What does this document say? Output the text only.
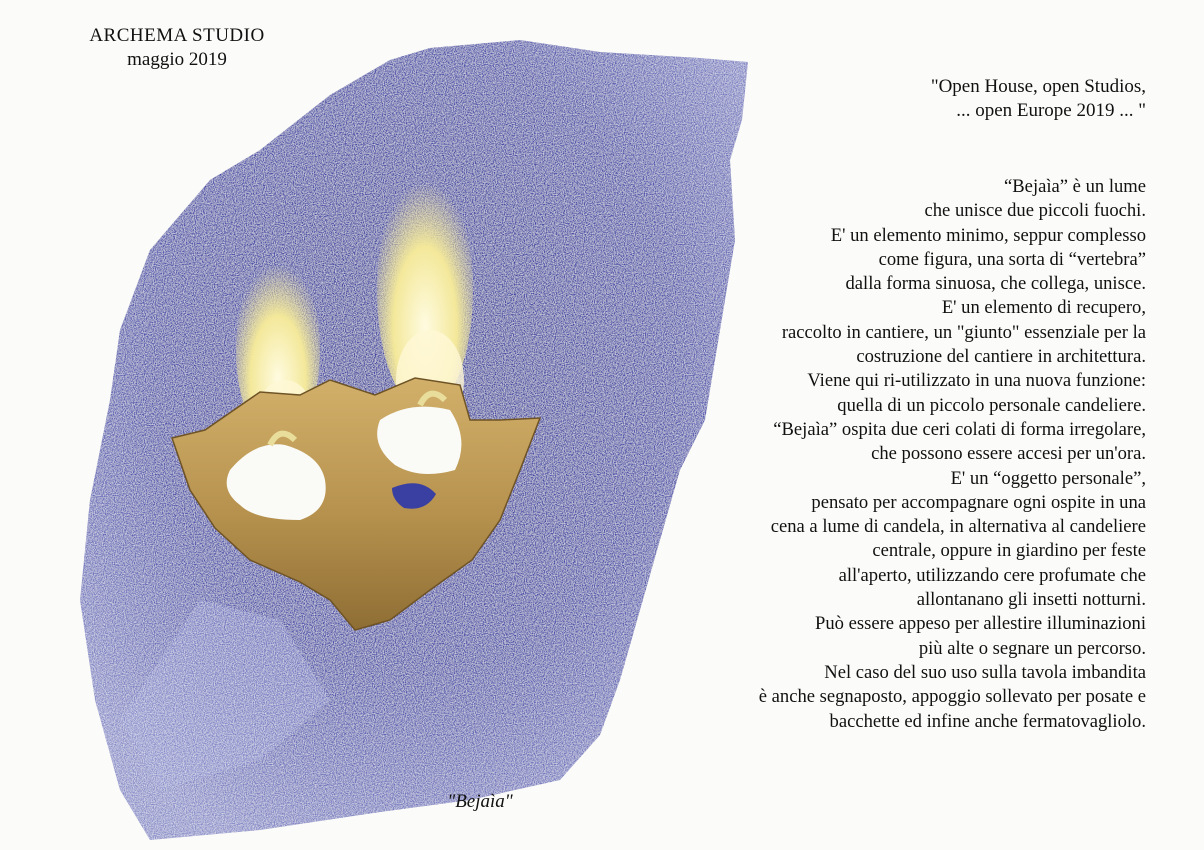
ARCHEMA STUDIO
maggio 2019
"Bejaìa"
"Open House, open Studios,
... open Europe 2019 ... "
“Bejaìa” è un lume
che unisce due piccoli fuochi.
E' un elemento minimo, seppur complesso
come figura, una sorta di “vertebra”
dalla forma sinuosa, che collega, unisce.
E' un elemento di recupero,
raccolto in cantiere, un "giunto" essenziale per la
costruzione del cantiere in architettura.
Viene qui ri-utilizzato in una nuova funzione:
quella di un piccolo personale candeliere.
“Bejaìa” ospita due ceri colati di forma irregolare,
che possono essere accesi per un'ora.
E' un “oggetto personale”,
pensato per accompagnare ogni ospite in una
cena a lume di candela, in alternativa al candeliere
centrale, oppure in giardino per feste
all'aperto, utilizzando cere profumate che
allontanano gli insetti notturni.
Può essere appeso per allestire illuminazioni
più alte o segnare un percorso.
Nel caso del suo uso sulla tavola imbandita
è anche segnaposto, appoggio sollevato per posate e
bacchette ed infine anche fermatovagliolo.
